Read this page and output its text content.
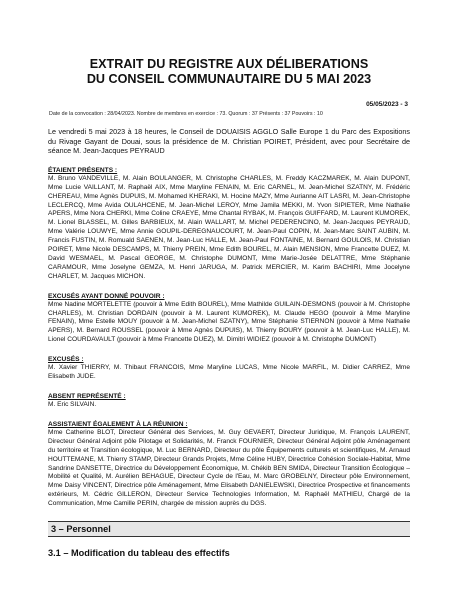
EXTRAIT DU REGISTRE AUX DÉLIBERATIONS
DU CONSEIL COMMUNAUTAIRE DU 5 MAI 2023
05/05/2023 - 3
Date de la convocation : 28/04/2023. Nombre de membres en exercice : 73. Quorum : 37 Présents : 37 Pouvoirs : 10

Le vendredi 5 mai 2023 à 18 heures, le Conseil de DOUAISIS AGGLO Salle Europe 1 du Parc des Expositions du Rivage Gayant de Douai, sous la présidence de M. Christian POIRET, Président, avec pour Secrétaire de séance M. Jean-Jacques PEYRAUD

ÉTAIENT PRÉSENTS :

M. Bruno VANDEVILLE, M. Alain BOULANGER, M. Christophe CHARLES, M. Freddy KACZMAREK, M. Alain DUPONT, Mme Lucie VAILLANT, M. Raphaël AIX, Mme Maryline FENAIN, M. Eric CARNEL, M. Jean-Michel SZATNY, M. Frédéric CHEREAU, Mme Agnès DUPUIS, M. Mohamed KHERAKI, M. Hocine MAZY, Mme Aurianne AIT LASRI, M. Jean-Christophe LECLERCQ, Mme Avida OULAHCENE, M. Jean-Michel LEROY, Mme Jamila MEKKI, M. Yvon SIPIETER, Mme Nathalie APERS, Mme Nora CHERKI, Mme Coline CRAEYE, Mme Chantal RYBAK, M. François GUIFFARD, M. Laurent KUMOREK, M. Lionel BLASSEL, M. Gilles BARBIEUX, M. Alain WALLART, M. Michel PEDERENCINO, M. Jean-Jacques PEYRAUD, Mme Valérie LOUWYE, Mme Annie GOUPIL-DEREGNAUCOURT, M. Jean-Paul COPIN, M. Jean-Marc SAINT AUBIN, M. Francis FUSTIN, M. Romuald SAENEN, M. Jean-Luc HALLE, M. Jean-Paul FONTAINE, M. Bernard GOULOIS, M. Christian POIRET, Mme Nicole DESCAMPS, M. Thierry PREIN, Mme Edith BOUREL, M. Alain MENSION, Mme Francette DUEZ, M. David WESMAEL, M. Pascal GEORGE, M. Christophe DUMONT, Mme Marie-Josée DELATTRE, Mme Stéphanie CARAMOUR, Mme Joselyne GEMZA, M. Henri JARUGA, M. Patrick MERCIER, M. Karim BACHIRI, Mme Jocelyne CHARLET, M. Jacques MICHON.

EXCUSÉS AYANT DONNÉ POUVOIR :

Mme Nadine MORTELETTE (pouvoir à Mme Edith BOUREL), Mme Mathilde GUILAIN-DESMONS (pouvoir à M. Christophe CHARLES), M. Christian DORDAIN (pouvoir à M. Laurent KUMOREK), M. Claude HEGO (pouvoir à Mme Maryline FENAIN), Mme Estelle MOUY (pouvoir à M. Jean-Michel SZATNY), Mme Stéphanie STIERNON (pouvoir à Mme Nathalie APERS), M. Bernard ROUSSEL (pouvoir à Mme Agnès DUPUIS), M. Thierry BOURY (pouvoir à M. Jean-Luc HALLE), M. Lionel COURDAVAULT (pouvoir à Mme Francette DUEZ), M. Dimitri WIDIEZ (pouvoir à M. Christophe DUMONT)

EXCUSÉS :

M. Xavier THIERRY, M. Thibaut FRANCOIS, Mme Maryline LUCAS, Mme Nicole MARFIL, M. Didier CARREZ, Mme Elisabeth JUDE.

ABSENT REPRÉSENTÉ :

M. Eric SILVAIN.

ASSISTAIENT ÉGALEMENT À LA RÉUNION :

Mme Catherine BLOT, Directeur Général des Services, M. Guy GEVAERT, Directeur Juridique, M. François LAURENT, Directeur Général Adjoint pôle Pilotage et Solidarités, M. Franck FOURNIER, Directeur Général Adjoint pôle Aménagement du territoire et Transition écologique, M. Luc BERNARD, Directeur du pôle Équipements culturels et scientifiques, M. Arnaud HOUTTEMANE, M. Thierry STAMP, Directeur Grands Projets, Mme Céline HUBY, Directrice Cohésion Sociale-Habitat, Mme Sandrine DANSETTE, Directrice du Développement Économique, M. Chékib BEN SMIDA, Directeur Transition Écologique – Mobilité et Qualité, M. Aurélien BEHAGUE, Directeur Cycle de l'Eau, M. Marc GROBELNY, Directeur pôle Environnement, Mme Daisy VINCENT, Directrice pôle Aménagement, Mme Elisabeth DANIELEWSKI, Directrice Prospective et financements extérieurs, M. Cédric GILLERON, Directeur Service Technologies Information, M. Raphaël MATHIEU, Chargé de la Communication, Mme Camille PERIN, chargée de mission auprès du DGS.

3 – Personnel
3.1 – Modification du tableau des effectifs
